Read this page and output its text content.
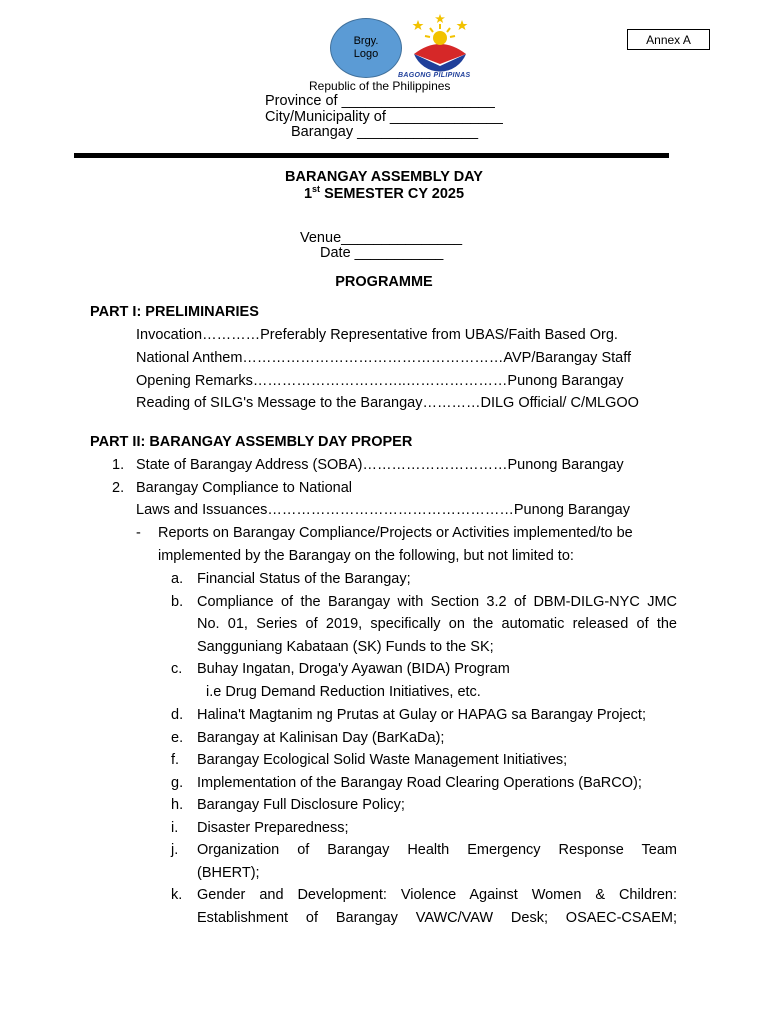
Brgy.
Logo
BAGONG PILIPINAS
Annex A
Republic of the Philippines
Province of ___________________
City/Municipality of ______________
Barangay _______________
BARANGAY ASSEMBLY DAY
1st SEMESTER CY 2025
Venue_______________
Date ___________
PROGRAMME
PART I: PRELIMINARIES
Invocation…………Preferably Representative from UBAS/Faith Based Org.
National Anthem………………………………………………AVP/Barangay Staff
Opening Remarks…………………………..…………………Punong Barangay
Reading of SILG's Message to the Barangay…………DILG Official/ C/MLGOO
PART II: BARANGAY ASSEMBLY DAY PROPER
1. State of Barangay Address (SOBA)…………………………Punong Barangay
2. Barangay Compliance to National
Laws and Issuances……………………………………………Punong Barangay
- Reports on Barangay Compliance/Projects or Activities implemented/to be
implemented by the Barangay on the following, but not limited to:
a. Financial Status of the Barangay;
b. Compliance of the Barangay with Section 3.2 of DBM-DILG-NYC JMC
No. 01, Series of 2019, specifically on the automatic released of the
Sangguniang Kabataan (SK) Funds to the SK;
c. Buhay Ingatan, Droga'y Ayawan (BIDA) Program
i.e Drug Demand Reduction Initiatives, etc.
d. Halina't Magtanim ng Prutas at Gulay or HAPAG sa Barangay Project;
e. Barangay at Kalinisan Day (BarKaDa);
f. Barangay Ecological Solid Waste Management Initiatives;
g. Implementation of the Barangay Road Clearing Operations (BaRCO);
h. Barangay Full Disclosure Policy;
i. Disaster Preparedness;
j. Organization of Barangay Health Emergency Response Team
(BHERT);
k. Gender and Development: Violence Against Women & Children:
Establishment of Barangay VAWC/VAW Desk; OSAEC-CSAEM;
